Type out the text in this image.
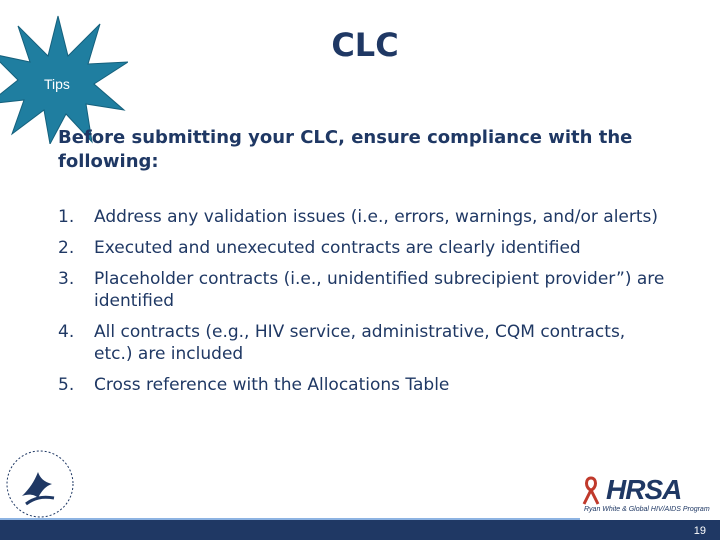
CLC
Tips
Before submitting your CLC, ensure compliance with the following:
1. Address any validation issues (i.e., errors, warnings, and/or alerts)
2. Executed and unexecuted contracts are clearly identified
3. Placeholder contracts (i.e., unidentified subrecipient provider”) are identified
4. All contracts (e.g., HIV service, administrative, CQM contracts, etc.) are included
5. Cross reference with the Allocations Table
HRSA
Ryan White & Global HIV/AIDS Program
19
